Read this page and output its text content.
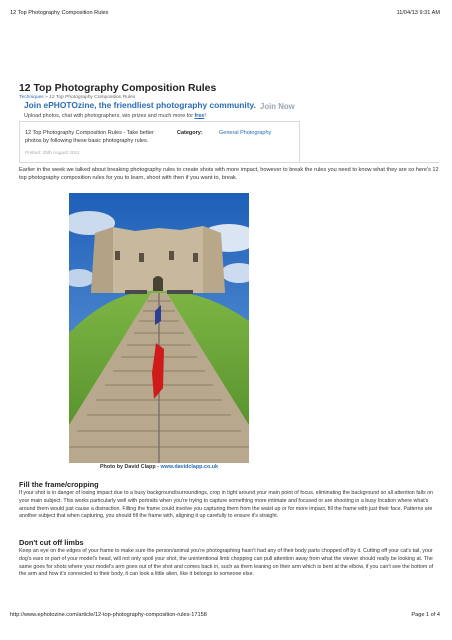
12 Top Photography Composition Rules	11/04/13 9:31 AM
12 Top Photography Composition Rules
Techniques » 12 Top Photography Composition Rules
Join ePHOTOzine, the friendliest photography community.
Upload photos, chat with photographers, win prizes and much more for free!
Join Now
12 Top Photography Composition Rules - Take better photos by following these basic photography rules.
Category:	General Photography
Posted: 25th August 2011

Earlier in the week we talked about breaking photography rules to create shots with more impact, however to break the rules you need to know what they are so here's 12 top photography composition rules for you to learn, shoot with then if you want to, break.

Photo by David Clapp - www.davidclapp.co.uk
Fill the frame/cropping

If your shot is in danger of losing impact due to a busy background/surroundings, crop in tight around your main point of focus, eliminating the background so all attention falls on your main subject. This works particularly well with portraits when you're trying to capture something more intimate and focused or are shooting in a busy location where what's around them would just cause a distraction. Filling the frame could involve you capturing them from the waist up or for more impact, fill the frame with just their face. Patterns are another subject that when capturing, you should fill the frame with, aligning it up carefully to ensure it's straight.

Don't cut off limbs

Keep an eye on the edges of your frame to make sure the person/animal you're photographing hasn't had any of their body parts chopped off by it. Cutting off your cat's tail, your dog's ears or part of your model's head, will not only spoil your shot, the unintentional limb chopping can pull attention away from what the viewer should really be looking at. The same goes for shots where your model's arm goes out of the shot and comes back in, such as them leaning on their arm which is bent at the elbow, if you can't see the bottom of the arm and how it's connected to their body, it can look a little alien, like it belongs to someone else.

http://www.ephotozine.com/article/12-top-photography-composition-rules-17158	Page 1 of 4
